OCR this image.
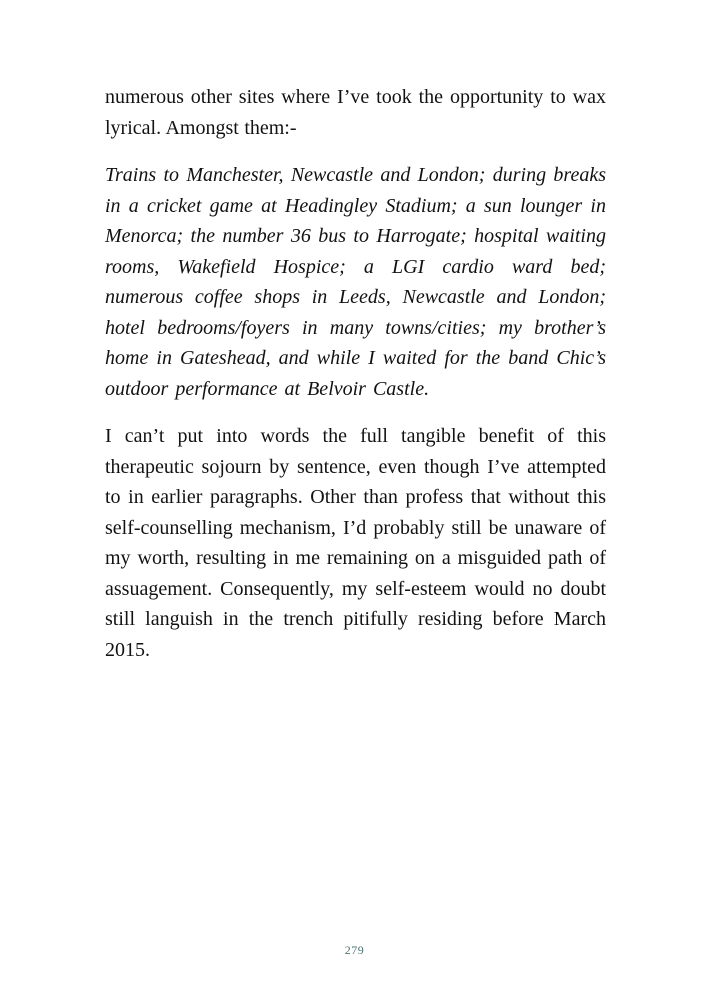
numerous other sites where I’ve took the opportunity to wax lyrical. Amongst them:-

Trains to Manchester, Newcastle and London; during breaks in a cricket game at Headingley Stadium; a sun lounger in Menorca; the number 36 bus to Harrogate; hospital waiting rooms, Wakefield Hospice; a LGI cardio ward bed; numerous coffee shops in Leeds, Newcastle and London; hotel bedrooms/foyers in many towns/cities; my brother’s home in Gateshead, and while I waited for the band Chic’s outdoor performance at Belvoir Castle.

I can’t put into words the full tangible benefit of this therapeutic sojourn by sentence, even though I’ve attempted to in earlier paragraphs. Other than profess that without this self-counselling mechanism, I’d probably still be unaware of my worth, resulting in me remaining on a misguided path of assuagement. Consequently, my self-esteem would no doubt still languish in the trench pitifully residing before March 2015.

279
